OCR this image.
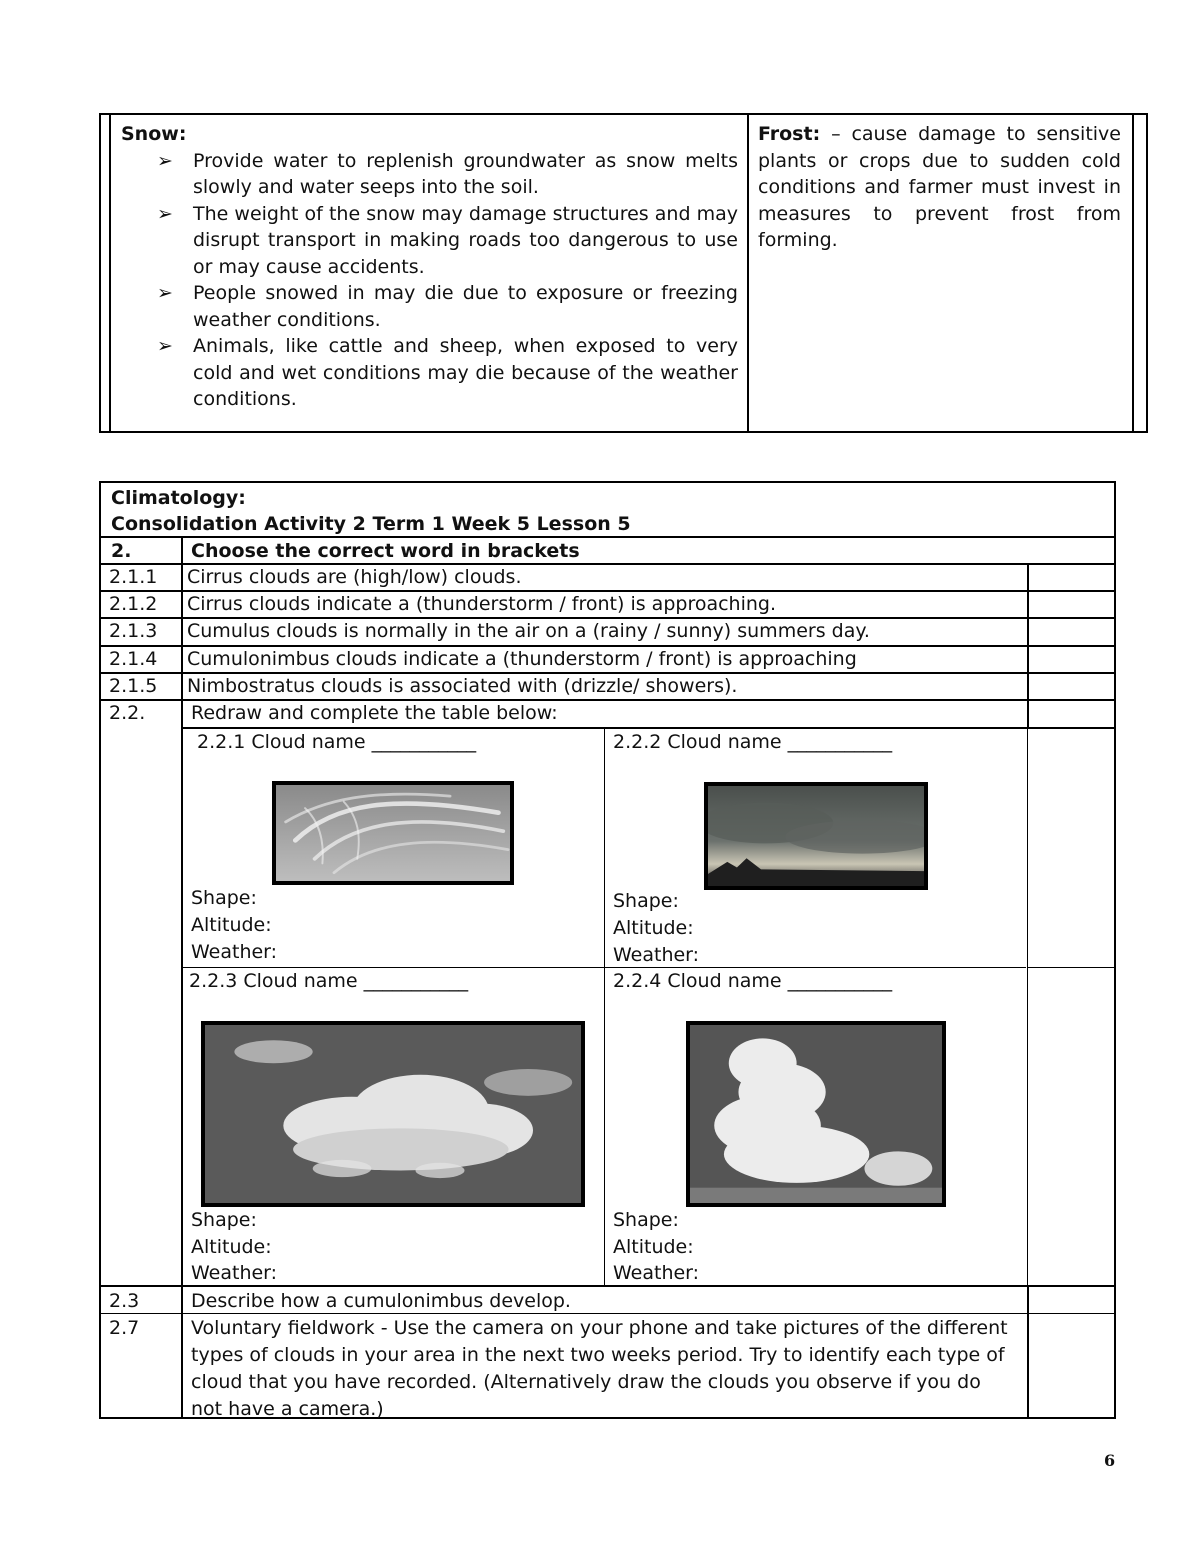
Snow:
➢ Provide water to replenish groundwater as snow melts slowly and water seeps into the soil.
➢ The weight of the snow may damage structures and may disrupt transport in making roads too dangerous to use or may cause accidents.
➢ People snowed in may die due to exposure or freezing weather conditions.
➢ Animals, like cattle and sheep, when exposed to very cold and wet conditions may die because of the weather conditions.
Frost: – cause damage to sensitive plants or crops due to sudden cold conditions and farmer must invest in measures to prevent frost from forming.
Climatology:
Consolidation Activity 2 Term 1 Week 5 Lesson 5
2.	Choose the correct word in brackets
2.1.1 Cirrus clouds are (high/low) clouds.
2.1.2 Cirrus clouds indicate a (thunderstorm / front) is approaching.
2.1.3 Cumulus clouds is normally in the air on a (rainy / sunny) summers day.
2.1.4 Cumulonimbus clouds indicate a (thunderstorm / front) is approaching
2.1.5 Nimbostratus clouds is associated with (drizzle/ showers).
2.2. Redraw and complete the table below:
2.2.1 Cloud name ___________
Shape:
Altitude:
Weather:
2.2.2 Cloud name ___________
Shape:
Altitude:
Weather:
2.2.3 Cloud name ___________
Shape:
Altitude:
Weather:
2.2.4 Cloud name ___________
Shape:
Altitude:
Weather:
2.3	Describe how a cumulonimbus develop.
2.7	Voluntary fieldwork - Use the camera on your phone and take pictures of the different types of clouds in your area in the next two weeks period. Try to identify each type of cloud that you have recorded. (Alternatively draw the clouds you observe if you do not have a camera.)
6
